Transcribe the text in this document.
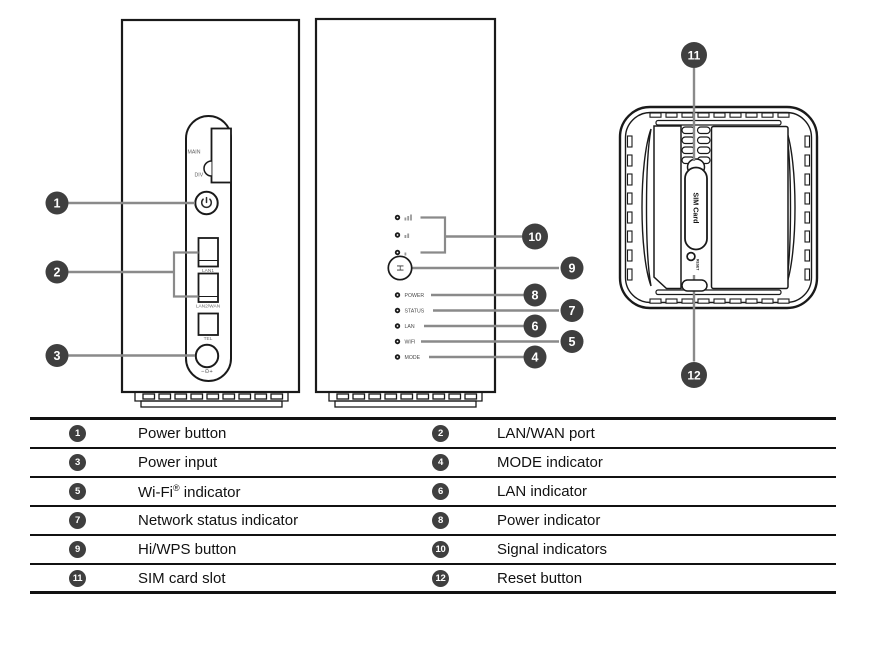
MAIN
DIV
LAN1
LAN2/WAN
TEL
−⊙+
H
POWER
STATUS
LAN
WIFI
MODE
SIM Card
RESET
1
2
3	4
5
6
7
8
9
10
11
12
1	Power button	2	LAN/WAN port
3	Power input	4	MODE indicator
5	Wi-Fi® indicator	6	LAN indicator
7	Network status indicator	8	Power indicator
9	Hi/WPS button	10	Signal indicators
11	SIM card slot	12	Reset button
